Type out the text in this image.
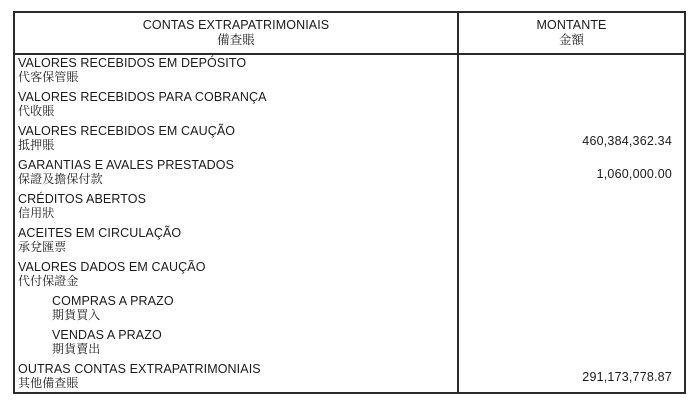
CONTAS EXTRAPATRIMONIAIS
備查賬
MONTANTE
金額
VALORES RECEBIDOS EM DEPÓSITO
代客保管賬
VALORES RECEBIDOS PARA COBRANÇA
代收賬
VALORES RECEBIDOS EM CAUÇÃO
抵押賬	460,384,362.34
GARANTIAS E AVALES PRESTADOS
保證及擔保付款	1,060,000.00
CRÉDITOS ABERTOS
信用狀
ACEITES EM CIRCULAÇÃO
承兌匯票
VALORES DADOS EM CAUÇÃO
代付保證金
COMPRAS A PRAZO
期貨買入
VENDAS A PRAZO
期貨賣出
OUTRAS CONTAS EXTRAPATRIMONIAIS
其他備查賬	291,173,778.87
